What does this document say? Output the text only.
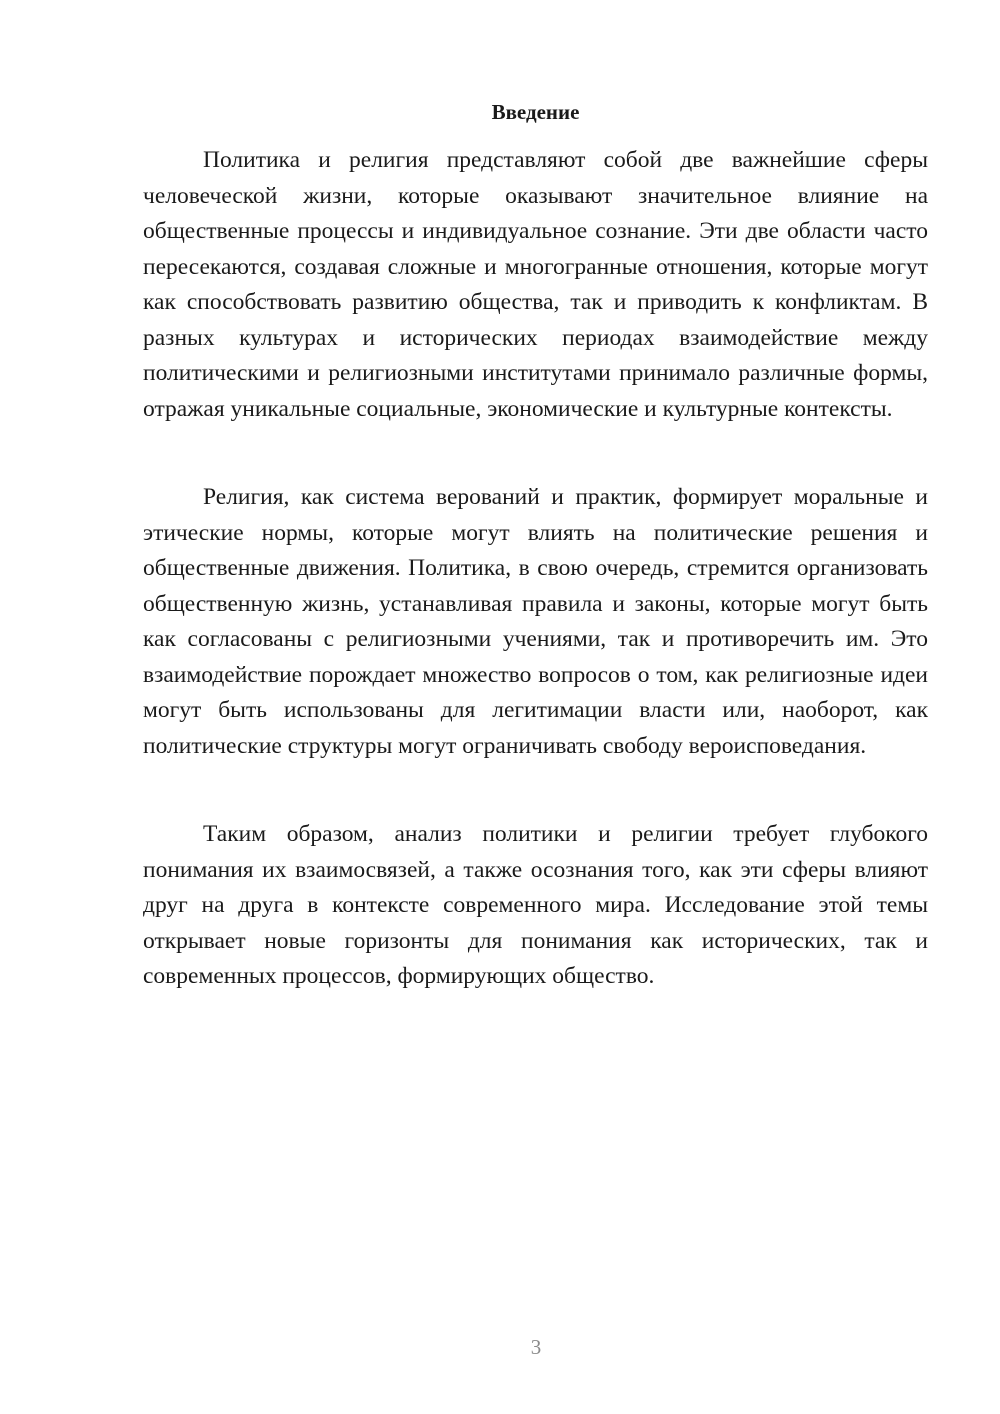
Введение

Политика и религия представляют собой две важнейшие сферы человеческой жизни, которые оказывают значительное влияние на общественные процессы и индивидуальное сознание. Эти две области часто пересекаются, создавая сложные и многогранные отношения, которые могут как способствовать развитию общества, так и приводить к конфликтам. В разных культурах и исторических периодах взаимодействие между политическими и религиозными институтами принимало различные формы, отражая уникальные социальные, экономические и культурные контексты.

Религия, как система верований и практик, формирует моральные и этические нормы, которые могут влиять на политические решения и общественные движения. Политика, в свою очередь, стремится организовать общественную жизнь, устанавливая правила и законы, которые могут быть как согласованы с религиозными учениями, так и противоречить им. Это взаимодействие порождает множество вопросов о том, как религиозные идеи могут быть использованы для легитимации власти или, наоборот, как политические структуры могут ограничивать свободу вероисповедания.

Таким образом, анализ политики и религии требует глубокого понимания их взаимосвязей, а также осознания того, как эти сферы влияют друг на друга в контексте современного мира. Исследование этой темы открывает новые горизонты для понимания как исторических, так и современных процессов, формирующих общество.

3
